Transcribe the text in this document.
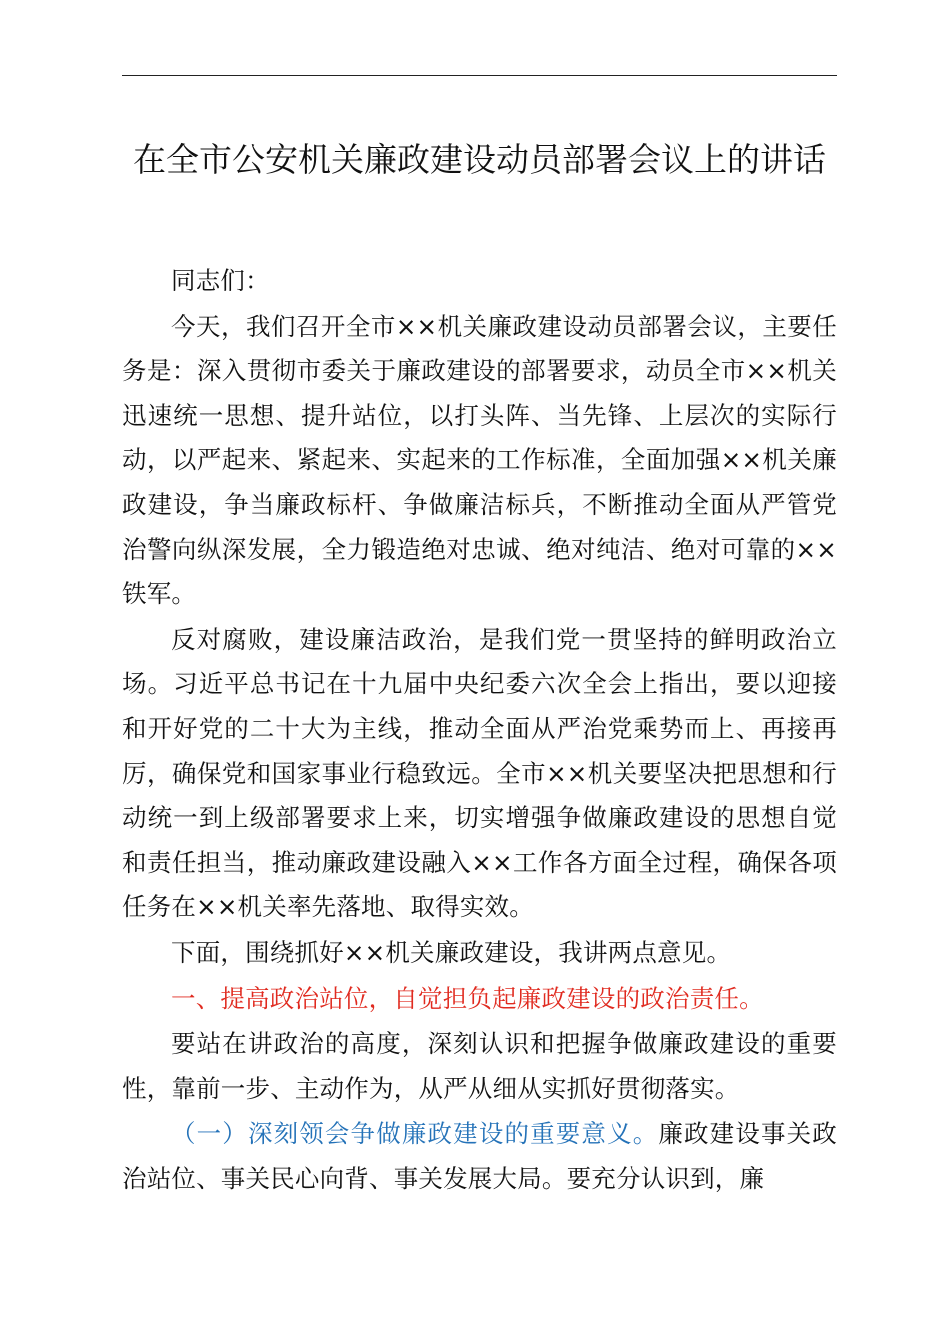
在全市公安机关廉政建设动员部署会议上的讲话

同志们：

今天，我们召开全市××机关廉政建设动员部署会议，主要任务是：深入贯彻市委关于廉政建设的部署要求，动员全市××机关迅速统一思想、提升站位，以打头阵、当先锋、上层次的实际行动，以严起来、紧起来、实起来的工作标准，全面加强××机关廉政建设，争当廉政标杆、争做廉洁标兵，不断推动全面从严管党治警向纵深发展，全力锻造绝对忠诚、绝对纯洁、绝对可靠的××铁军。

反对腐败，建设廉洁政治，是我们党一贯坚持的鲜明政治立场。习近平总书记在十九届中央纪委六次全会上指出，要以迎接和开好党的二十大为主线，推动全面从严治党乘势而上、再接再厉，确保党和国家事业行稳致远。全市××机关要坚决把思想和行动统一到上级部署要求上来，切实增强争做廉政建设的思想自觉和责任担当，推动廉政建设融入××工作各方面全过程，确保各项任务在××机关率先落地、取得实效。

下面，围绕抓好××机关廉政建设，我讲两点意见。

一、提高政治站位，自觉担负起廉政建设的政治责任。

要站在讲政治的高度，深刻认识和把握争做廉政建设的重要性，靠前一步、主动作为，从严从细从实抓好贯彻落实。

（一）深刻领会争做廉政建设的重要意义。廉政建设事关政治站位、事关民心向背、事关发展大局。要充分认识到，廉
